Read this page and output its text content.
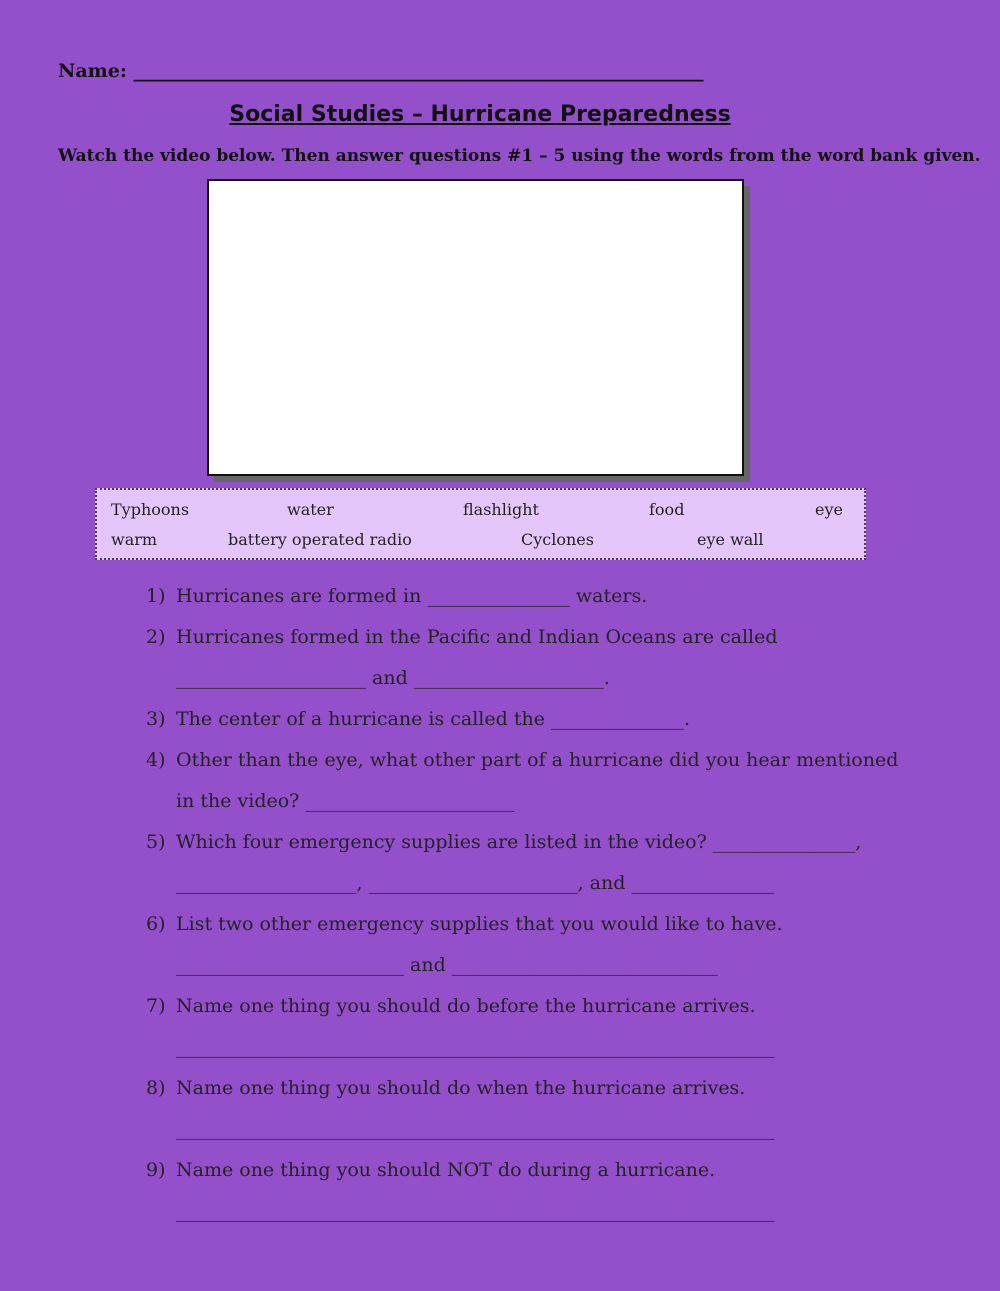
Name: ____________________________________________________________
Social Studies – Hurricane Preparedness
Watch the video below. Then answer questions #1 – 5 using the words from the word bank given.
Typhoons	water	flashlight	food	eye
warm	battery operated radio	Cyclones	eye wall
1) Hurricanes are formed in _______________ waters.
2) Hurricanes formed in the Pacific and Indian Oceans are called
____________________ and ____________________.
3) The center of a hurricane is called the ______________.
4) Other than the eye, what other part of a hurricane did you hear mentioned
in the video? ______________________
5) Which four emergency supplies are listed in the video? _______________,
___________________, ______________________, and _______________
6) List two other emergency supplies that you would like to have.
________________________ and ____________________________
7) Name one thing you should do before the hurricane arrives.
_______________________________________________________________
8) Name one thing you should do when the hurricane arrives.
_______________________________________________________________
9) Name one thing you should NOT do during a hurricane.
_______________________________________________________________
